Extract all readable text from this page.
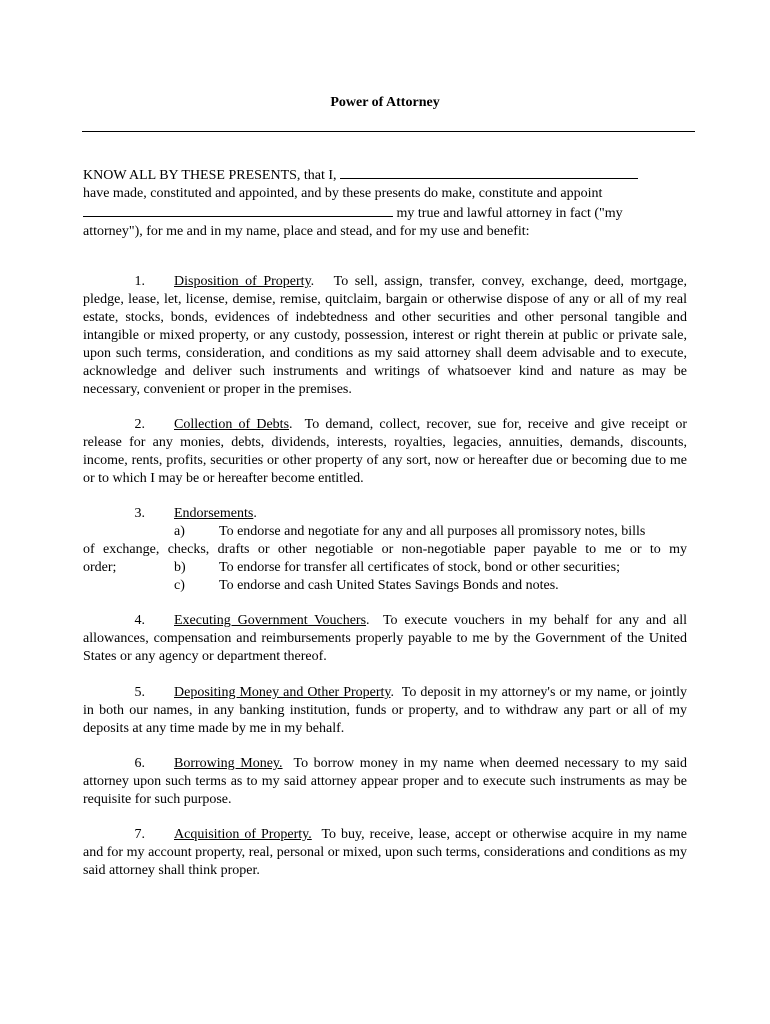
Power of Attorney
KNOW ALL BY THESE PRESENTS, that I,
have made, constituted and appointed, and by these presents do make, constitute and appoint
my true and lawful attorney in fact ("my
attorney"), for me and in my name, place and stead, and for my use and benefit:
1. Disposition of Property.   To sell, assign, transfer, convey, exchange, deed, mortgage, pledge, lease, let, license, demise, remise, quitclaim, bargain or otherwise dispose of any or all of my real estate, stocks, bonds, evidences of indebtedness and other securities and other personal tangible and intangible or mixed property, or any custody, possession, interest or right therein at public or private sale, upon such terms, consideration, and conditions as my said attorney shall deem advisable and to execute, acknowledge and deliver such instruments and writings of whatsoever kind and nature as may be necessary, convenient or proper in the premises.
2. Collection of Debts.  To demand, collect, recover, sue for, receive and give receipt or release for any monies, debts, dividends, interests, royalties, legacies, annuities, demands, discounts, income, rents, profits, securities or other property of any sort, now or hereafter due or becoming due to me or to which I may be or hereafter become entitled.
3. Endorsements.
a) To endorse and negotiate for any and all purposes all promissory notes, bills
of exchange, checks, drafts or other negotiable or non-negotiable paper payable to me or to my
order;	b) To endorse for transfer all certificates of stock, bond or other securities;
c) To endorse and cash United States Savings Bonds and notes.
4. Executing Government Vouchers.  To execute vouchers in my behalf for any and all allowances, compensation and reimbursements properly payable to me by the Government of the United States or any agency or department thereof.
5. Depositing Money and Other Property.  To deposit in my attorney's or my name, or jointly in both our names, in any banking institution, funds or property, and to withdraw any part or all of my deposits at any time made by me in my behalf.
6. Borrowing Money. To borrow money in my name when deemed necessary to my said attorney upon such terms as to my said attorney appear proper and to execute such instruments as may be requisite for such purpose.
7. Acquisition of Property. To buy, receive, lease, accept or otherwise acquire in my name and for my account property, real, personal or mixed, upon such terms, considerations and conditions as my said attorney shall think proper.
